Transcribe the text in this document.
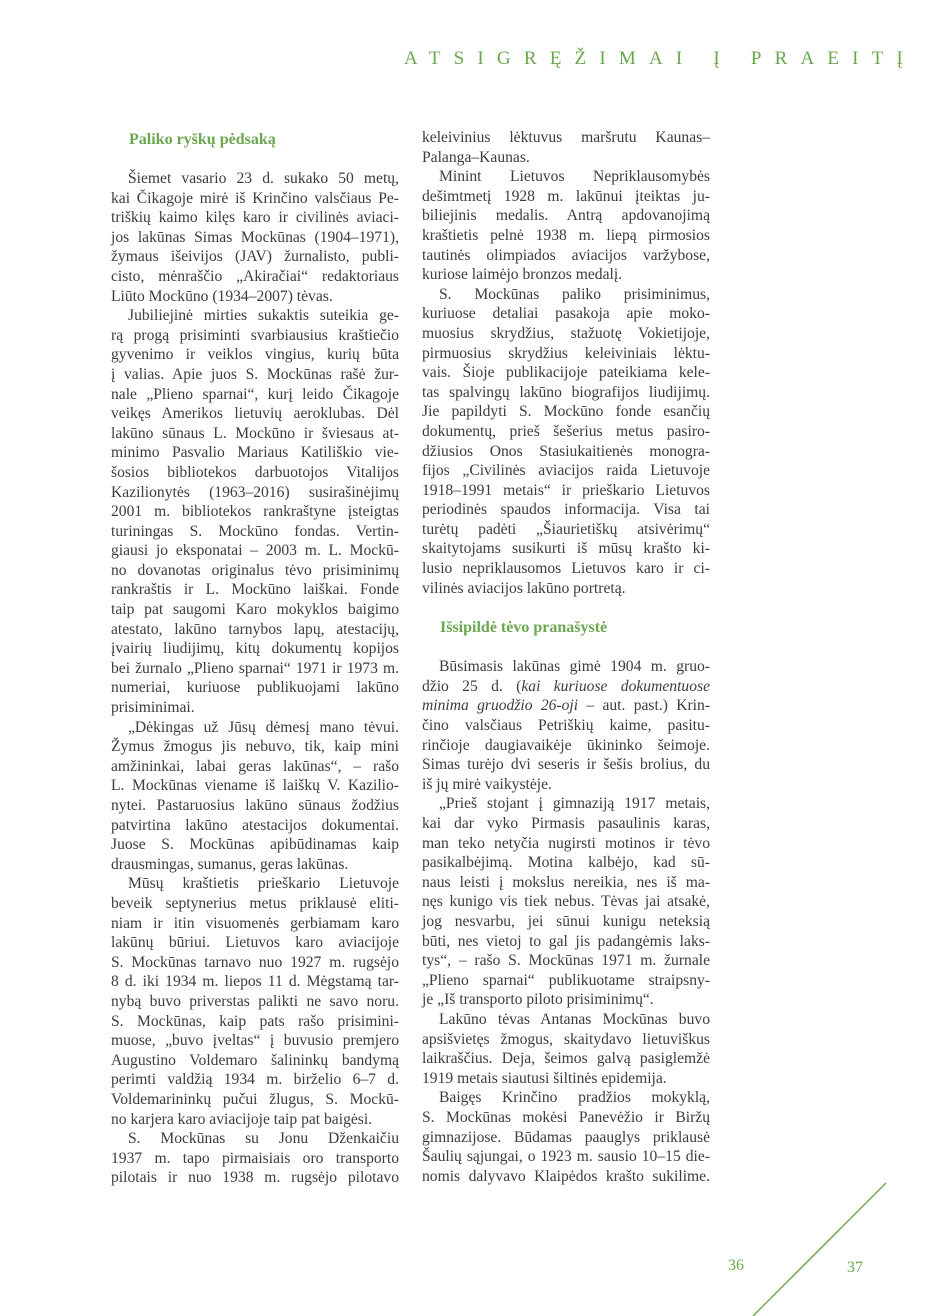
ATSIGRĘŽIMAI Į PRAEITĮ
Paliko ryškų pėdsaką
Šiemet vasario 23 d. sukako 50 metų,
kai Čikagoje mirė iš Krinčino valsčiaus Pe-
triškių kaimo kilęs karo ir civilinės aviaci-
jos lakūnas Simas Mockūnas (1904–1971),
žymaus išeivijos (JAV) žurnalisto, publi-
cisto, mėnraščio „Akiračiai“ redaktoriaus
Liūto Mockūno (1934–2007) tėvas.
Jubiliejinė mirties sukaktis suteikia ge-
rą progą prisiminti svarbiausius kraštiečio
gyvenimo ir veiklos vingius, kurių būta
į valias. Apie juos S. Mockūnas rašė žur-
nale „Plieno sparnai“, kurį leido Čikagoje
veikęs Amerikos lietuvių aeroklubas. Dėl
lakūno sūnaus L. Mockūno ir šviesaus at-
minimo Pasvalio Mariaus Katiliškio vie-
šosios bibliotekos darbuotojos Vitalijos
Kazilionytės (1963–2016) susirašinėjimų
2001 m. bibliotekos rankraštyne įsteigtas
turiningas S. Mockūno fondas. Vertin-
giausi jo eksponatai – 2003 m. L. Mockū-
no dovanotas originalus tėvo prisiminimų
rankraštis ir L. Mockūno laiškai. Fonde
taip pat saugomi Karo mokyklos baigimo
atestato, lakūno tarnybos lapų, atestacijų,
įvairių liudijimų, kitų dokumentų kopijos
bei žurnalo „Plieno sparnai“ 1971 ir 1973 m.
numeriai, kuriuose publikuojami lakūno
prisiminimai.
„Dėkingas už Jūsų dėmesį mano tėvui.
Žymus žmogus jis nebuvo, tik, kaip mini
amžininkai, labai geras lakūnas“, – rašo
L. Mockūnas viename iš laiškų V. Kazilio-
nytei. Pastaruosius lakūno sūnaus žodžius
patvirtina lakūno atestacijos dokumentai.
Juose S. Mockūnas apibūdinamas kaip
drausmingas, sumanus, geras lakūnas.
Mūsų kraštietis prieškario Lietuvoje
beveik septynerius metus priklausė eliti-
niam ir itin visuomenės gerbiamam karo
lakūnų būriui. Lietuvos karo aviacijoje
S. Mockūnas tarnavo nuo 1927 m. rugsėjo
8 d. iki 1934 m. liepos 11 d. Mėgstamą tar-
nybą buvo priverstas palikti ne savo noru.
S. Mockūnas, kaip pats rašo prisimini-
muose, „buvo įveltas“ į buvusio premjero
Augustino Voldemaro šalininkų bandymą
perimti valdžią 1934 m. birželio 6–7 d.
Voldemarininkų pučui žlugus, S. Mockū-
no karjera karo aviacijoje taip pat baigėsi.
S. Mockūnas su Jonu Dženkaičiu
1937 m. tapo pirmaisiais oro transporto
pilotais ir nuo 1938 m. rugsėjo pilotavo
keleivinius lėktuvus maršrutu Kaunas–
Palanga–Kaunas.
Minint Lietuvos Nepriklausomybės
dešimtmetį 1928 m. lakūnui įteiktas ju-
biliejinis medalis. Antrą apdovanojimą
kraštietis pelnė 1938 m. liepą pirmosios
tautinės olimpiados aviacijos varžybose,
kuriose laimėjo bronzos medalį.
S. Mockūnas paliko prisiminimus,
kuriuose detaliai pasakoja apie moko-
muosius skrydžius, stažuotę Vokietijoje,
pirmuosius skrydžius keleiviniais lėktu-
vais. Šioje publikacijoje pateikiama kele-
tas spalvingų lakūno biografijos liudijimų.
Jie papildyti S. Mockūno fonde esančių
dokumentų, prieš šešerius metus pasiro-
džiusios Onos Stasiukaitienės monogra-
fijos „Civilinės aviacijos raida Lietuvoje
1918–1991 metais“ ir prieškario Lietuvos
periodinės spaudos informacija. Visa tai
turėtų padėti „Šiaurietiškų atsivėrimų“
skaitytojams susikurti iš mūsų krašto ki-
lusio nepriklausomos Lietuvos karo ir ci-
vilinės aviacijos lakūno portretą.
Išsipildė tėvo pranašystė
Būsimasis lakūnas gimė 1904 m. gruo-
džio 25 d. (kai kuriuose dokumentuose
minima gruodžio 26-oji – aut. past.) Krin-
čino valsčiaus Petriškių kaime, pasitu-
rinčioje daugiavaikėje ūkininko šeimoje.
Simas turėjo dvi seseris ir šešis brolius, du
iš jų mirė vaikystėje.
„Prieš stojant į gimnaziją 1917 metais,
kai dar vyko Pirmasis pasaulinis karas,
man teko netyčia nugirsti motinos ir tėvo
pasikalbėjimą. Motina kalbėjo, kad sū-
naus leisti į mokslus nereikia, nes iš ma-
nęs kunigo vis tiek nebus. Tėvas jai atsakė,
jog nesvarbu, jei sūnui kunigu neteksią
būti, nes vietoj to gal jis padangėmis laks-
tys“, – rašo S. Mockūnas 1971 m. žurnale
„Plieno sparnai“ publikuotame straipsny-
je „Iš transporto piloto prisiminimų“.
Lakūno tėvas Antanas Mockūnas buvo
apsišvietęs žmogus, skaitydavo lietuviškus
laikraščius. Deja, šeimos galvą pasiglemžė
1919 metais siautusi šiltinės epidemija.
Baigęs Krinčino pradžios mokyklą,
S. Mockūnas mokėsi Panevėžio ir Biržų
gimnazijose. Būdamas paauglys priklausė
Šaulių sąjungai, o 1923 m. sausio 10–15 die-
nomis dalyvavo Klaipėdos krašto sukilime.
36	37
